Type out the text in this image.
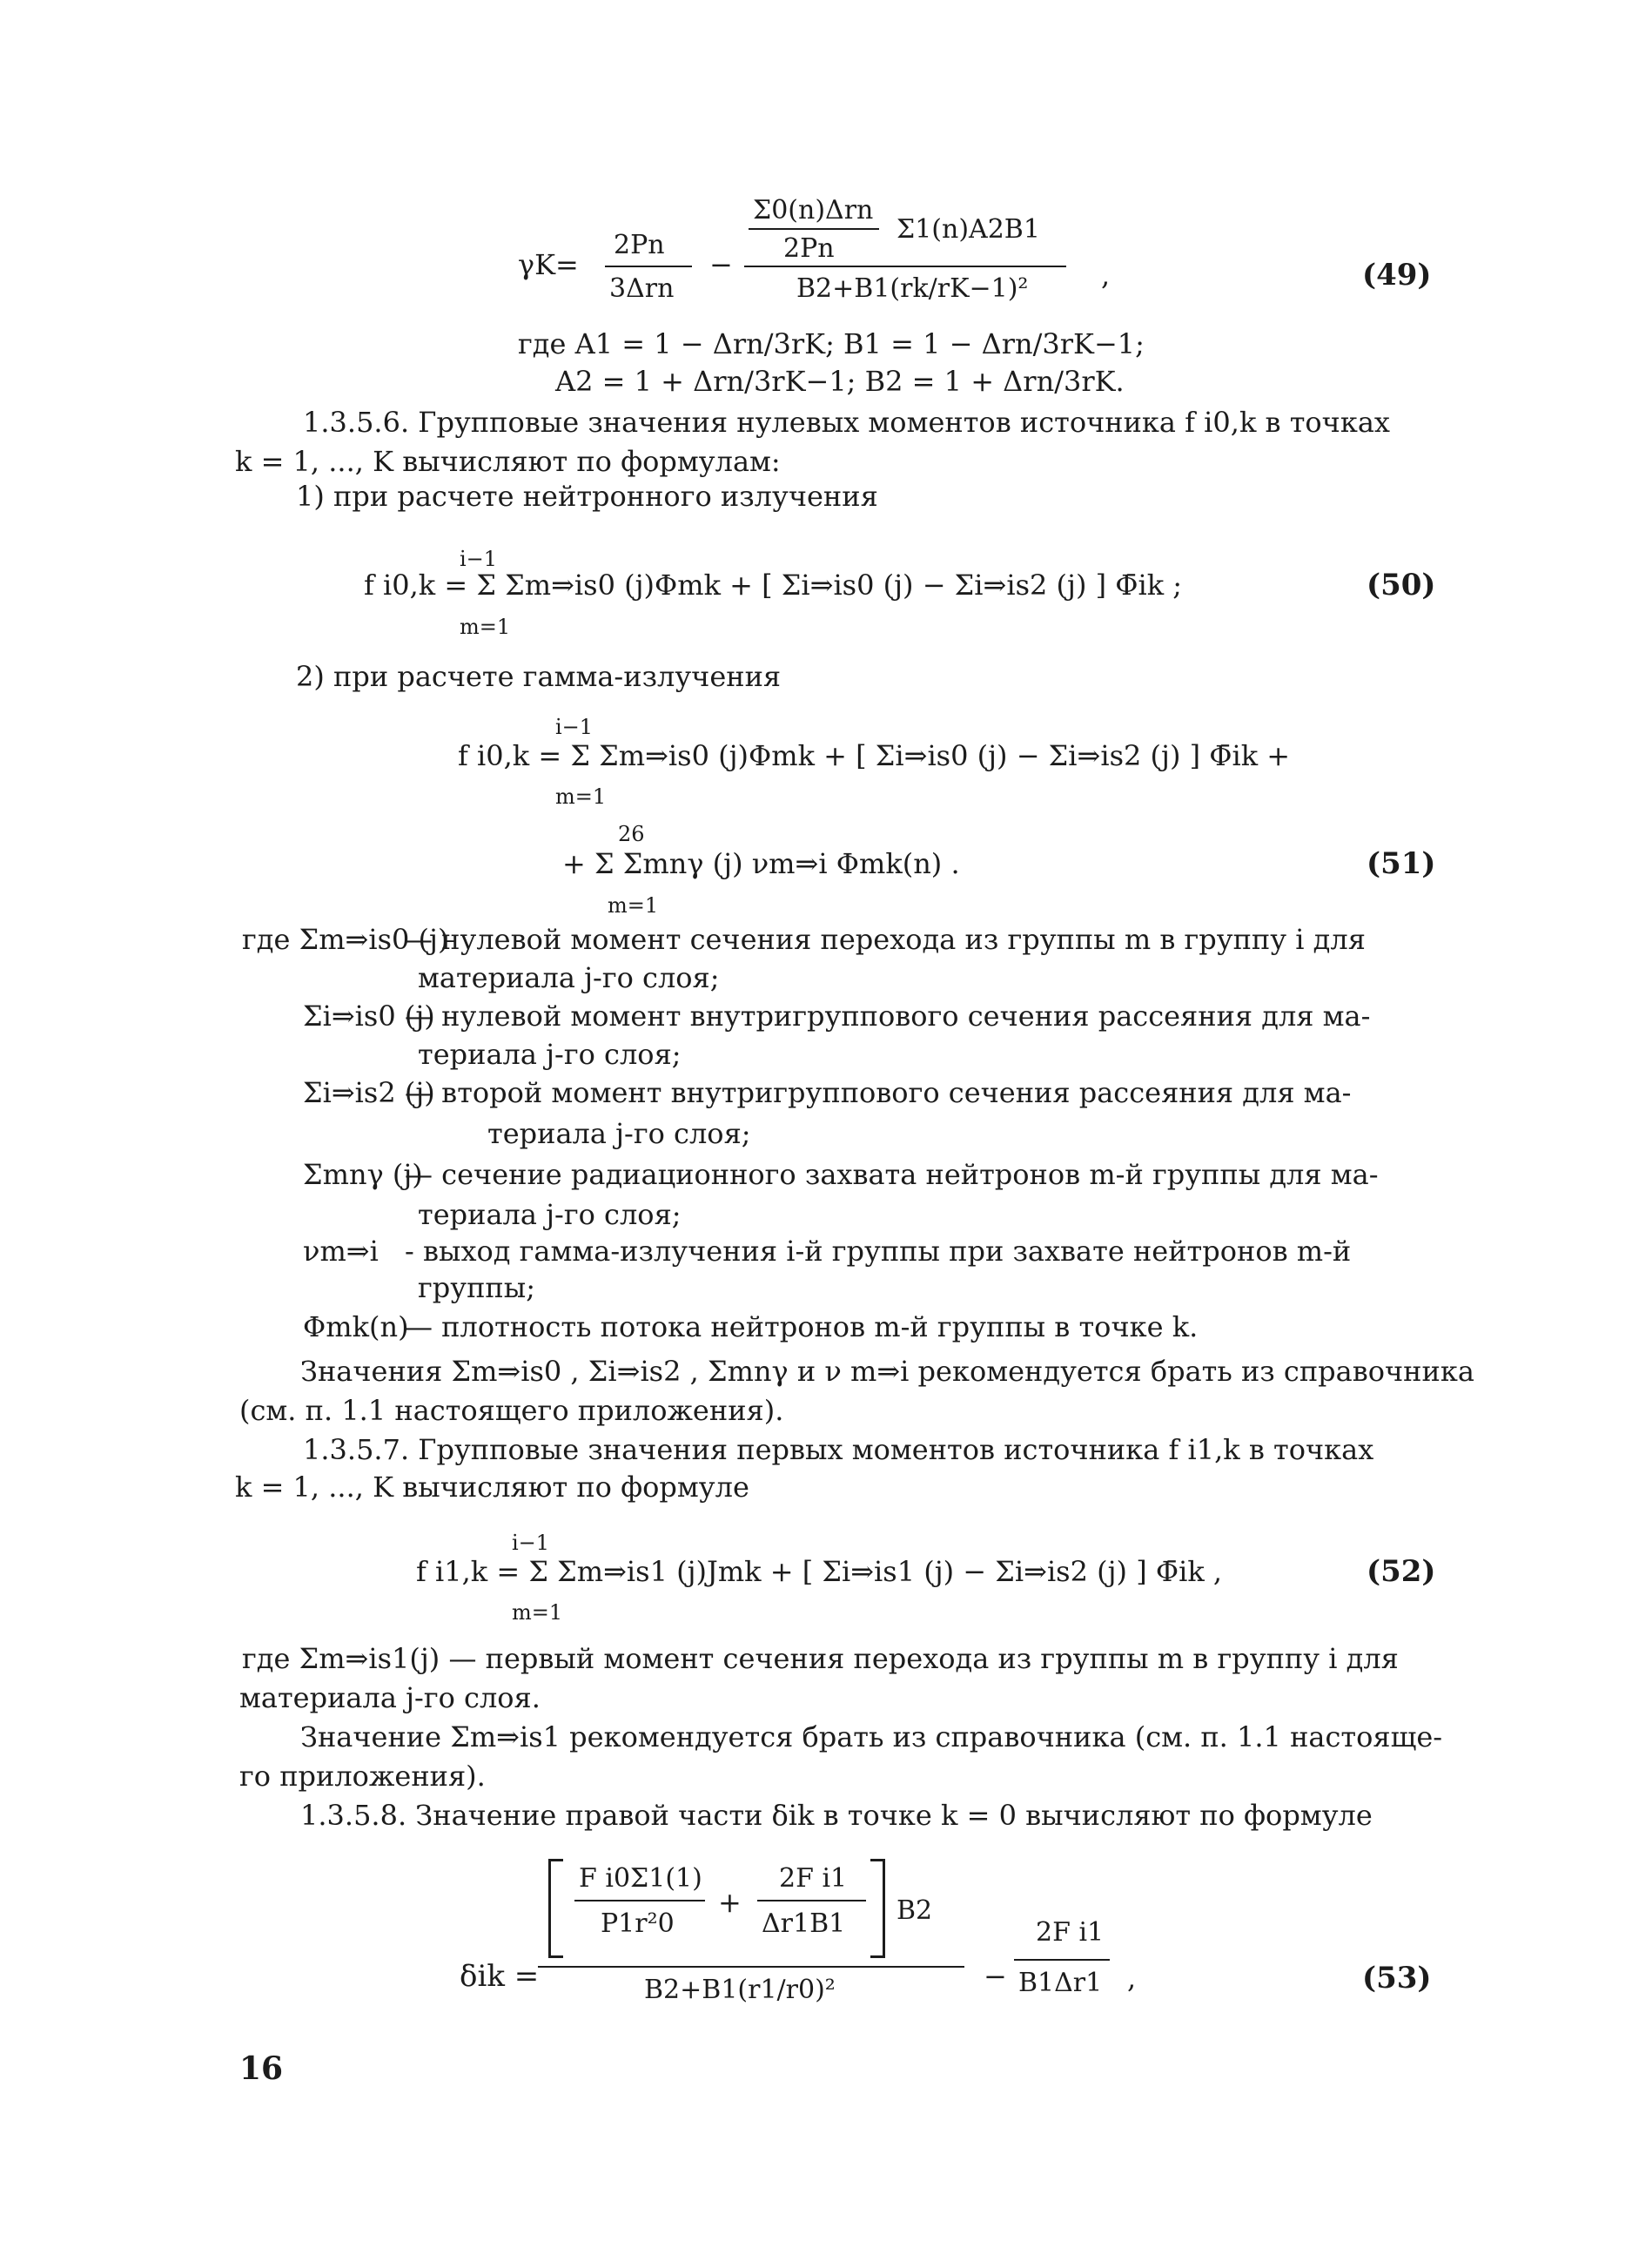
γK=
2Pn
3Δrn
−
Σ0(n)Δrn
2Pn
Σ1(n)A2B1
B2+B1(rk/rK−1)²	,	(49)
где A1 = 1 − Δrn/3rK; B1 = 1 − Δrn/3rK−1;
A2 = 1 + Δrn/3rK−1; B2 = 1 + Δrn/3rK.
1.3.5.6. Групповые значения нулевых моментов источника f i0,k в точках
k = 1, ..., K вычисляют по формулам:
1) при расчете нейтронного излучения
i−1
f i0,k = Σ Σm⇒is0 (j)Φmk + [ Σi⇒is0 (j) − Σi⇒is2 (j) ] Φ̄ik ;
m=1
(50)
2) при расчете гамма-излучения
i−1
f i0,k = Σ Σm⇒is0 (j)Φmk + [ Σi⇒is0 (j) − Σi⇒is2 (j) ] Φ̄ik +
m=1
26
+ Σ Σmnγ (j) νm⇒i Φmk(n) .
m=1
(51)
где Σm⇒is0 (j)
— нулевой момент сечения перехода из группы m в группу i для
материала j-го слоя;
Σi⇒is0 (j)
— нулевой момент внутригруппового сечения рассеяния для ма-
териала j-го слоя;
Σi⇒is2 (j)
— второй момент внутригруппового сечения рассеяния для ма-
териала j-го слоя;
Σmnγ (j)
— сечение радиационного захвата нейтронов m-й группы для ма-
териала j-го слоя;
νm⇒i - выход гамма-излучения i-й группы при захвате нейтронов m-й
группы;
Φmk(n)
— плотность потока нейтронов m-й группы в точке k.
Значения Σm⇒is0 , Σi⇒is2 , Σmnγ и ν m⇒i рекомендуется брать из справочника
(см. п. 1.1 настоящего приложения).
1.3.5.7. Групповые значения первых моментов источника f i1,k в точках
k = 1, ..., K вычисляют по формуле
i−1
f i1,k = Σ Σm⇒is1 (j)Jmk + [ Σi⇒is1 (j) − Σi⇒is2 (j) ] Φ̄ik ,
m=1
(52)
где Σm⇒is1(j) — первый момент сечения перехода из группы m в группу i для
материала j-го слоя.
Значение Σm⇒is1 рекомендуется брать из справочника (см. п. 1.1 настояще-
го приложения).
1.3.5.8. Значение правой части δik в точке k = 0 вычисляют по формуле
δik =
F i0Σ1(1)
P1r²0
+
2F i1
Δr1B1 B2
B2+B1(r1/r0)²	−
2F i1
B1Δr1 ,	(53)
16
